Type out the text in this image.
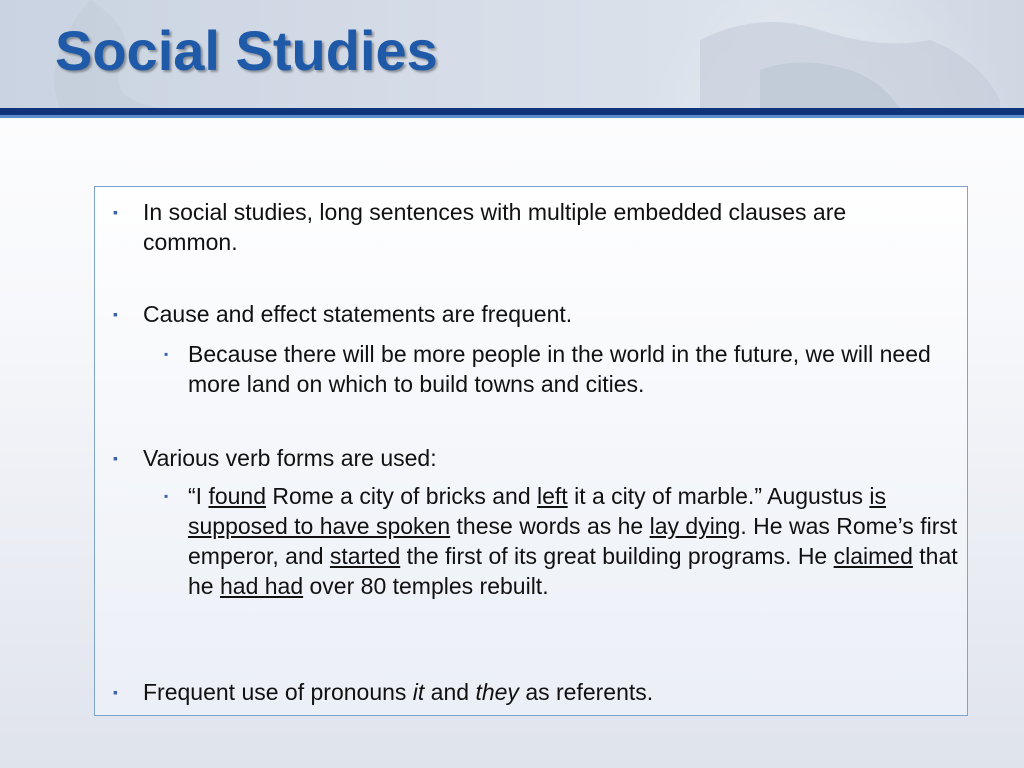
Social Studies
▪ In social studies, long sentences with multiple embedded clauses are common.
▪ Cause and effect statements are frequent.
▪ Because there will be more people in the world in the future, we will need more land on which to build towns and cities.
▪ Various verb forms are used:
▪ “I found Rome a city of bricks and left it a city of marble.” Augustus is supposed to have spoken these words as he lay dying. He was Rome’s first emperor, and started the first of its great building programs. He claimed that he had had over 80 temples rebuilt.
▪ Frequent use of pronouns it and they as referents.
